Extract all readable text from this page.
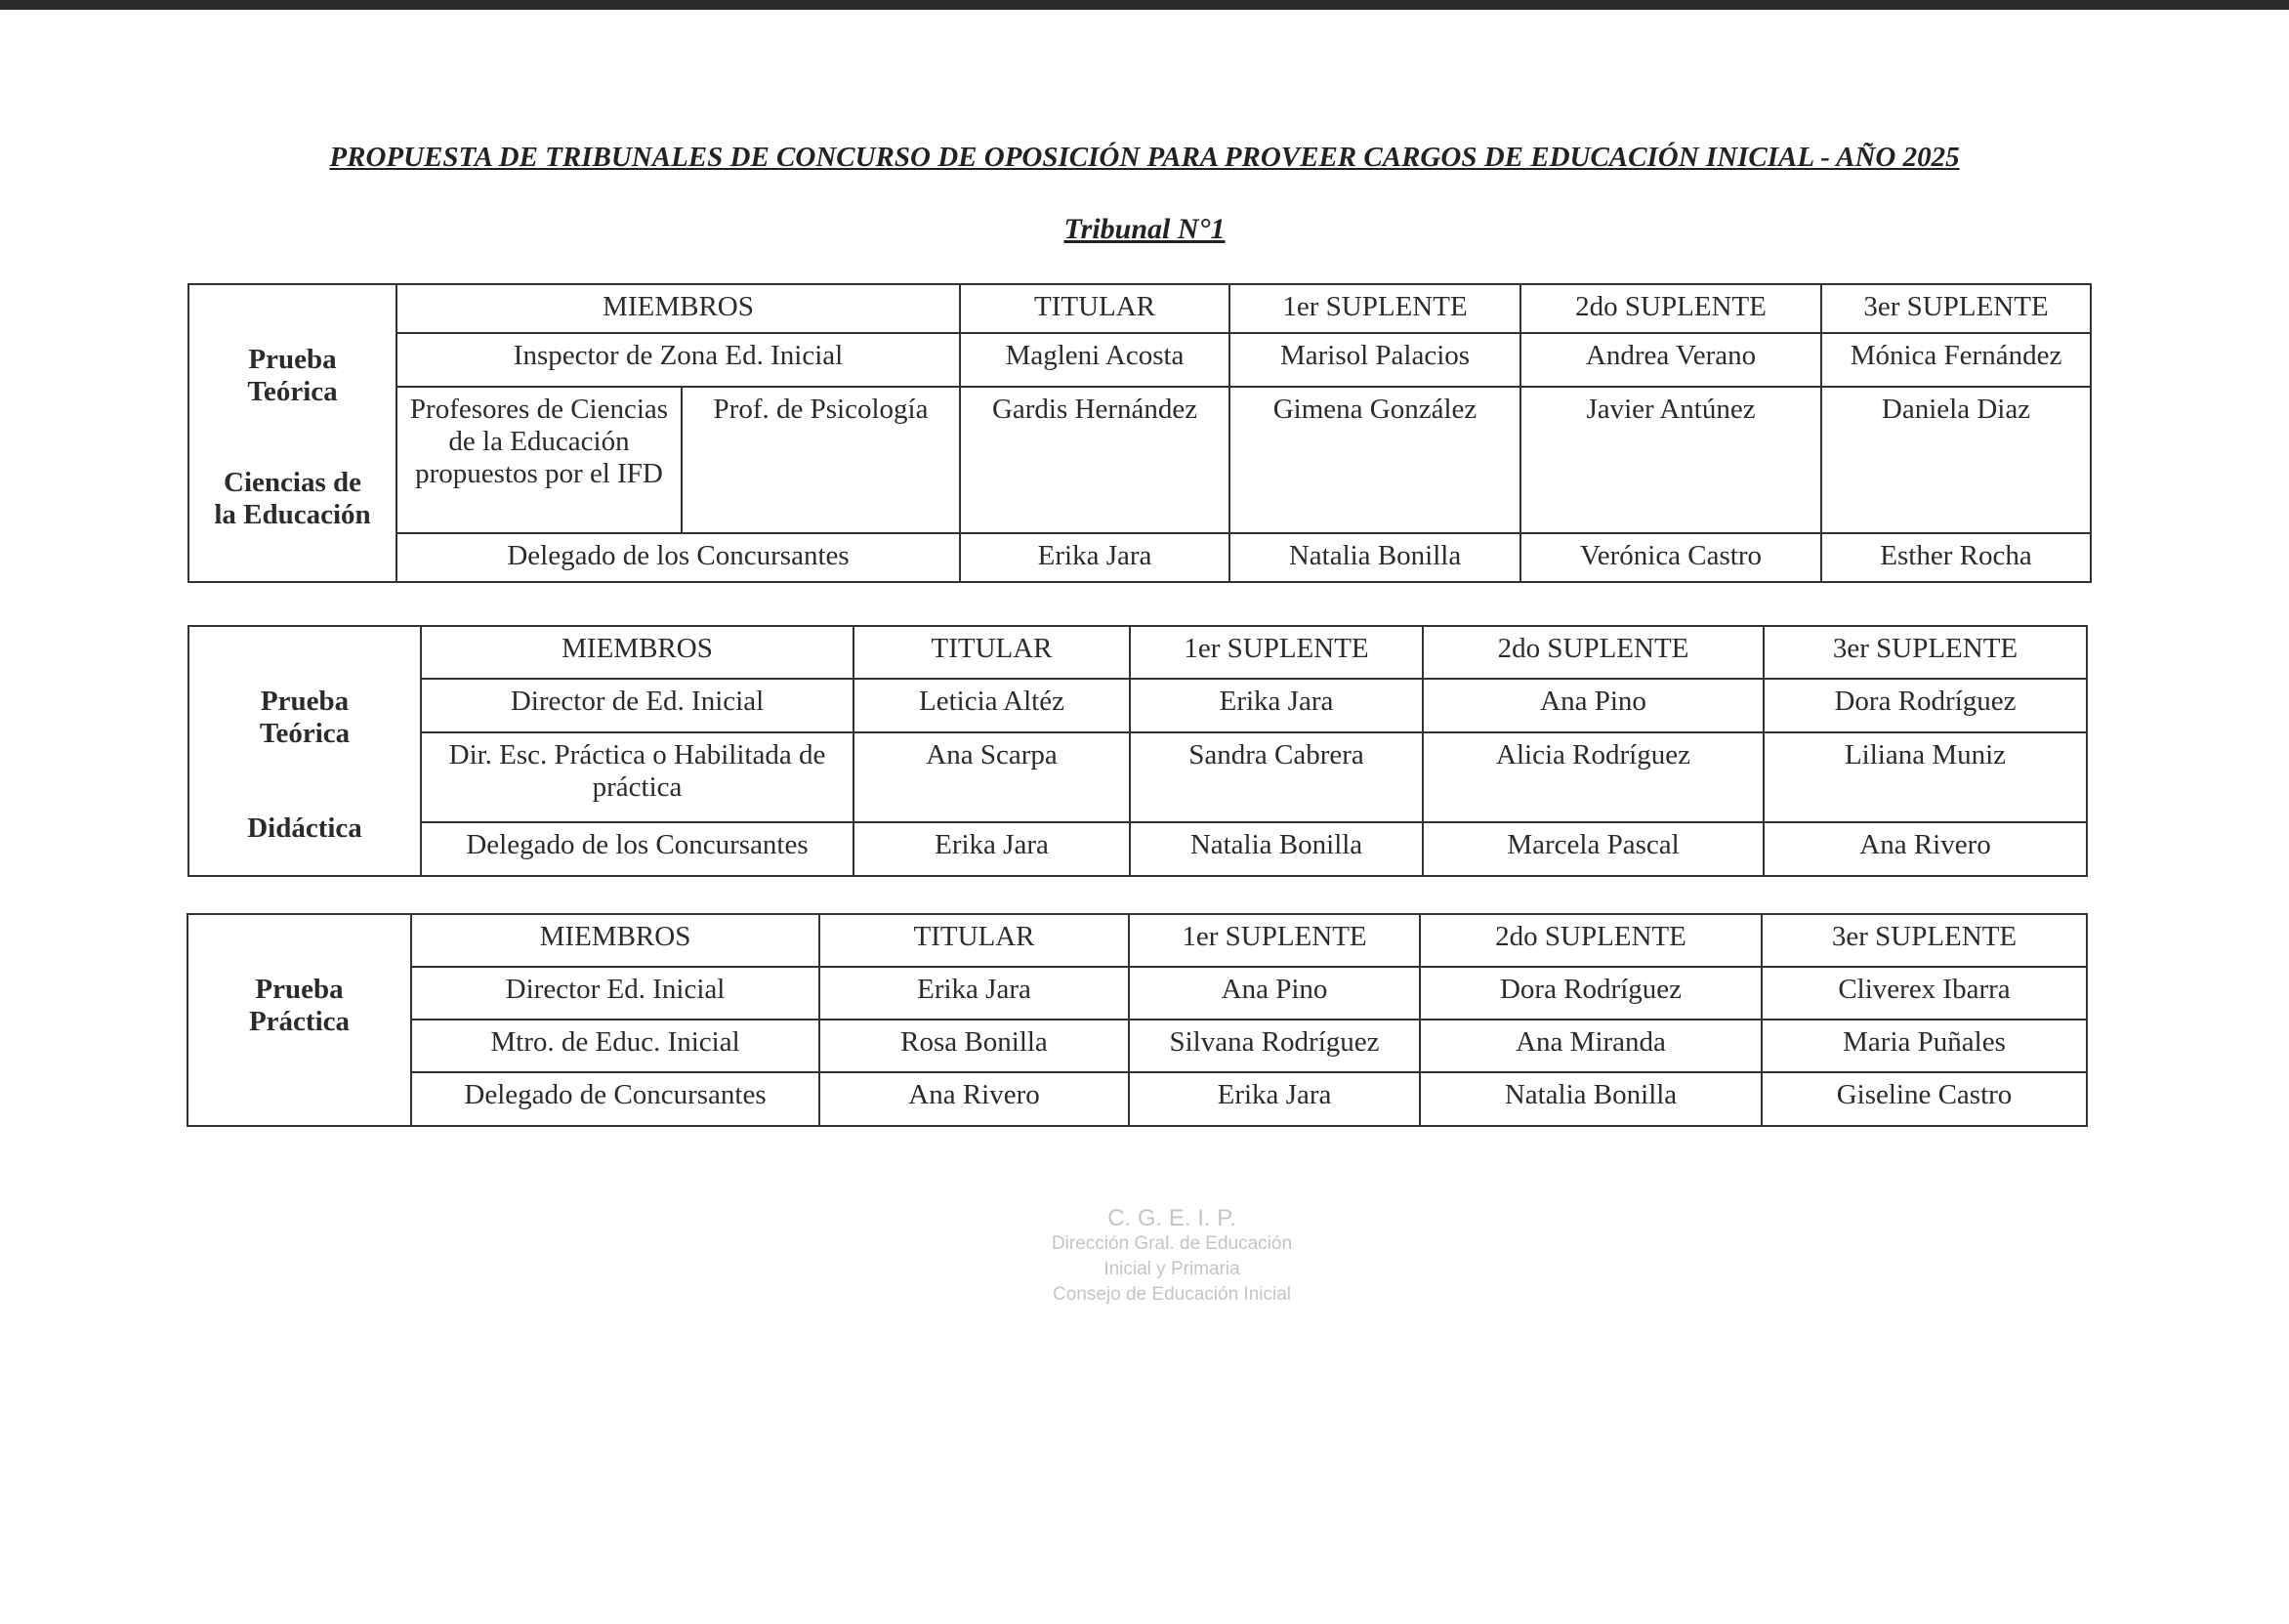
PROPUESTA DE TRIBUNALES DE CONCURSO DE OPOSICIÓN PARA PROVEER CARGOS DE EDUCACIÓN INICIAL - AÑO 2025
Tribunal N°1
Prueba
Teórica
Ciencias de
la Educación	MIEMBROS		TITULAR	1er SUPLENTE	2do SUPLENTE	3er SUPLENTE
	Inspector de Zona Ed. Inicial		Magleni Acosta	Marisol Palacios	Andrea Verano	Mónica Fernández
	Profesores de Ciencias de la Educación propuestos por el IFD	Prof. de Psicología	Gardis Hernández	Gimena González	Javier Antúnez	Daniela Diaz
	Delegado de los Concursantes		Erika Jara	Natalia Bonilla	Verónica Castro	Esther Rocha
Prueba
Teórica
Didáctica	MIEMBROS	TITULAR	1er SUPLENTE	2do SUPLENTE	3er SUPLENTE
	Director de Ed. Inicial	Leticia Altéz	Erika Jara	Ana Pino	Dora Rodríguez
	Dir. Esc. Práctica o Habilitada de práctica	Ana Scarpa	Sandra Cabrera	Alicia Rodríguez	Liliana Muniz
	Delegado de los Concursantes	Erika Jara	Natalia Bonilla	Marcela Pascal	Ana Rivero
Prueba
Práctica	MIEMBROS	TITULAR	1er SUPLENTE	2do SUPLENTE	3er SUPLENTE
	Director Ed. Inicial	Erika Jara	Ana Pino	Dora Rodríguez	Cliverex Ibarra
	Mtro. de Educ. Inicial	Rosa Bonilla	Silvana Rodríguez	Ana Miranda	Maria Puñales
	Delegado de Concursantes	Ana Rivero	Erika Jara	Natalia Bonilla	Giseline Castro
C. G. E. I. P.
Dirección Gral. de Educación
Inicial y Primaria
Consejo de Educación Inicial
